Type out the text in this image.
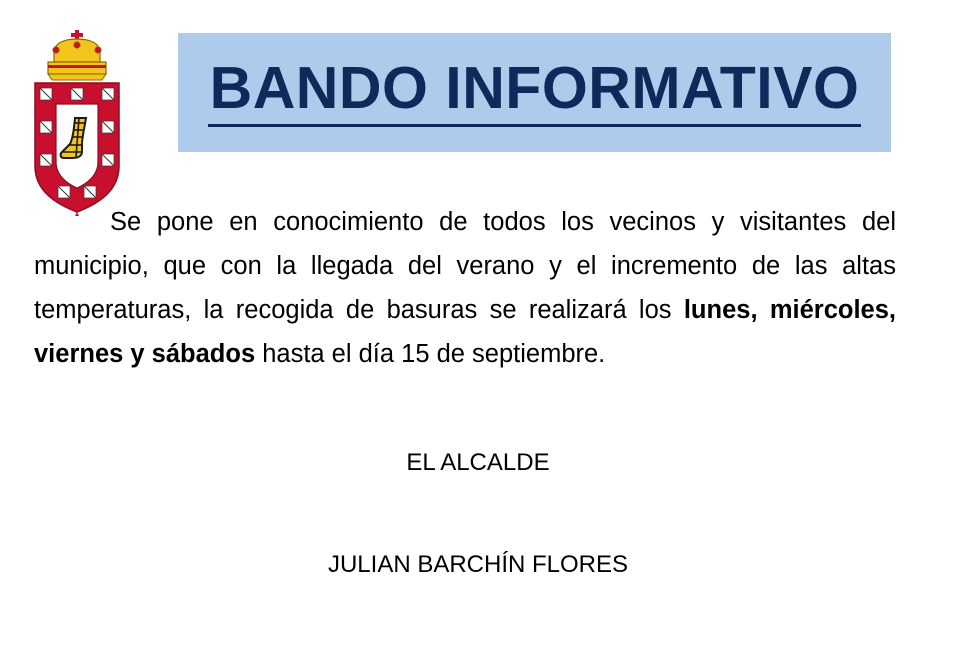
BANDO INFORMATIVO
Se pone en conocimiento de todos los vecinos y visitantes del municipio, que con la llegada del verano y el incremento de las altas temperaturas, la recogida de basuras se realizará los lunes, miércoles, viernes y sábados hasta el día 15 de septiembre.
EL ALCALDE
JULIAN BARCHÍN FLORES
